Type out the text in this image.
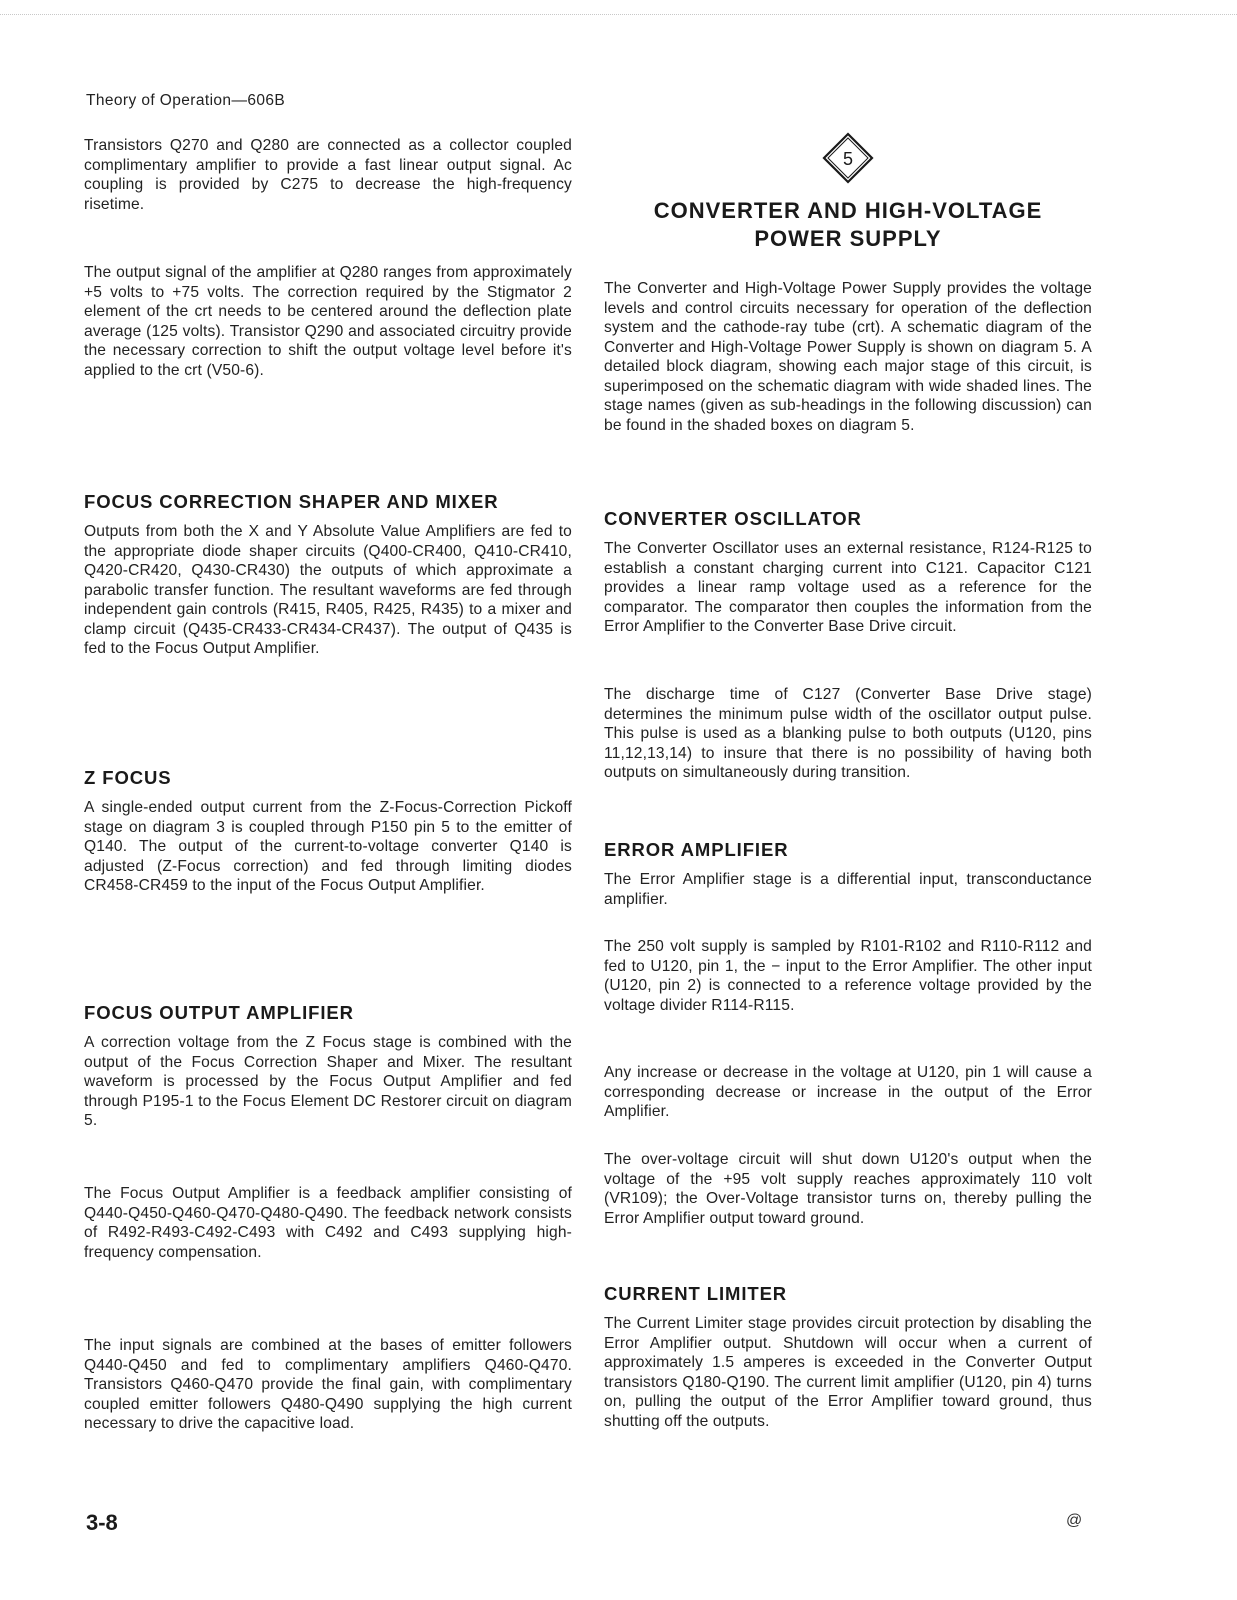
Theory of Operation—606B

Transistors Q270 and Q280 are connected as a collector coupled complimentary amplifier to provide a fast linear output signal. Ac coupling is provided by C275 to decrease the high-frequency risetime.

The output signal of the amplifier at Q280 ranges from approximately +5 volts to +75 volts. The correction required by the Stigmator 2 element of the crt needs to be centered around the deflection plate average (125 volts). Transistor Q290 and associated circuitry provide the necessary correction to shift the output voltage level before it's applied to the crt (V50-6).

FOCUS CORRECTION SHAPER AND MIXER

Outputs from both the X and Y Absolute Value Amplifiers are fed to the appropriate diode shaper circuits (Q400-CR400, Q410-CR410, Q420-CR420, Q430-CR430) the outputs of which approximate a parabolic transfer function. The resultant waveforms are fed through independent gain controls (R415, R405, R425, R435) to a mixer and clamp circuit (Q435-CR433-CR434-CR437). The output of Q435 is fed to the Focus Output Amplifier.

Z FOCUS

A single-ended output current from the Z-Focus-Correction Pickoff stage on diagram 3 is coupled through P150 pin 5 to the emitter of Q140. The output of the current-to-voltage converter Q140 is adjusted (Z-Focus correction) and fed through limiting diodes CR458-CR459 to the input of the Focus Output Amplifier.

FOCUS OUTPUT AMPLIFIER

A correction voltage from the Z Focus stage is combined with the output of the Focus Correction Shaper and Mixer. The resultant waveform is processed by the Focus Output Amplifier and fed through P195-1 to the Focus Element DC Restorer circuit on diagram 5.

The Focus Output Amplifier is a feedback amplifier consisting of Q440-Q450-Q460-Q470-Q480-Q490. The feedback network consists of R492-R493-C492-C493 with C492 and C493 supplying high-frequency compensation.

The input signals are combined at the bases of emitter followers Q440-Q450 and fed to complimentary amplifiers Q460-Q470. Transistors Q460-Q470 provide the final gain, with complimentary coupled emitter followers Q480-Q490 supplying the high current necessary to drive the capacitive load.

5
CONVERTER AND HIGH-VOLTAGE
POWER SUPPLY

The Converter and High-Voltage Power Supply provides the voltage levels and control circuits necessary for operation of the deflection system and the cathode-ray tube (crt). A schematic diagram of the Converter and High-Voltage Power Supply is shown on diagram 5. A detailed block diagram, showing each major stage of this circuit, is superimposed on the schematic diagram with wide shaded lines. The stage names (given as sub-headings in the following discussion) can be found in the shaded boxes on diagram 5.

CONVERTER OSCILLATOR

The Converter Oscillator uses an external resistance, R124-R125 to establish a constant charging current into C121. Capacitor C121 provides a linear ramp voltage used as a reference for the comparator. The comparator then couples the information from the Error Amplifier to the Converter Base Drive circuit.

The discharge time of C127 (Converter Base Drive stage) determines the minimum pulse width of the oscillator output pulse. This pulse is used as a blanking pulse to both outputs (U120, pins 11,12,13,14) to insure that there is no possibility of having both outputs on simultaneously during transition.

ERROR AMPLIFIER

The Error Amplifier stage is a differential input, transconductance amplifier.

The 250 volt supply is sampled by R101-R102 and R110-R112 and fed to U120, pin 1, the − input to the Error Amplifier. The other input (U120, pin 2) is connected to a reference voltage provided by the voltage divider R114-R115.

Any increase or decrease in the voltage at U120, pin 1 will cause a corresponding decrease or increase in the output of the Error Amplifier.

The over-voltage circuit will shut down U120's output when the voltage of the +95 volt supply reaches approximately 110 volt (VR109); the Over-Voltage transistor turns on, thereby pulling the Error Amplifier output toward ground.

CURRENT LIMITER

The Current Limiter stage provides circuit protection by disabling the Error Amplifier output. Shutdown will occur when a current of approximately 1.5 amperes is exceeded in the Converter Output transistors Q180-Q190. The current limit amplifier (U120, pin 4) turns on, pulling the output of the Error Amplifier toward ground, thus shutting off the outputs.

3-8	@
